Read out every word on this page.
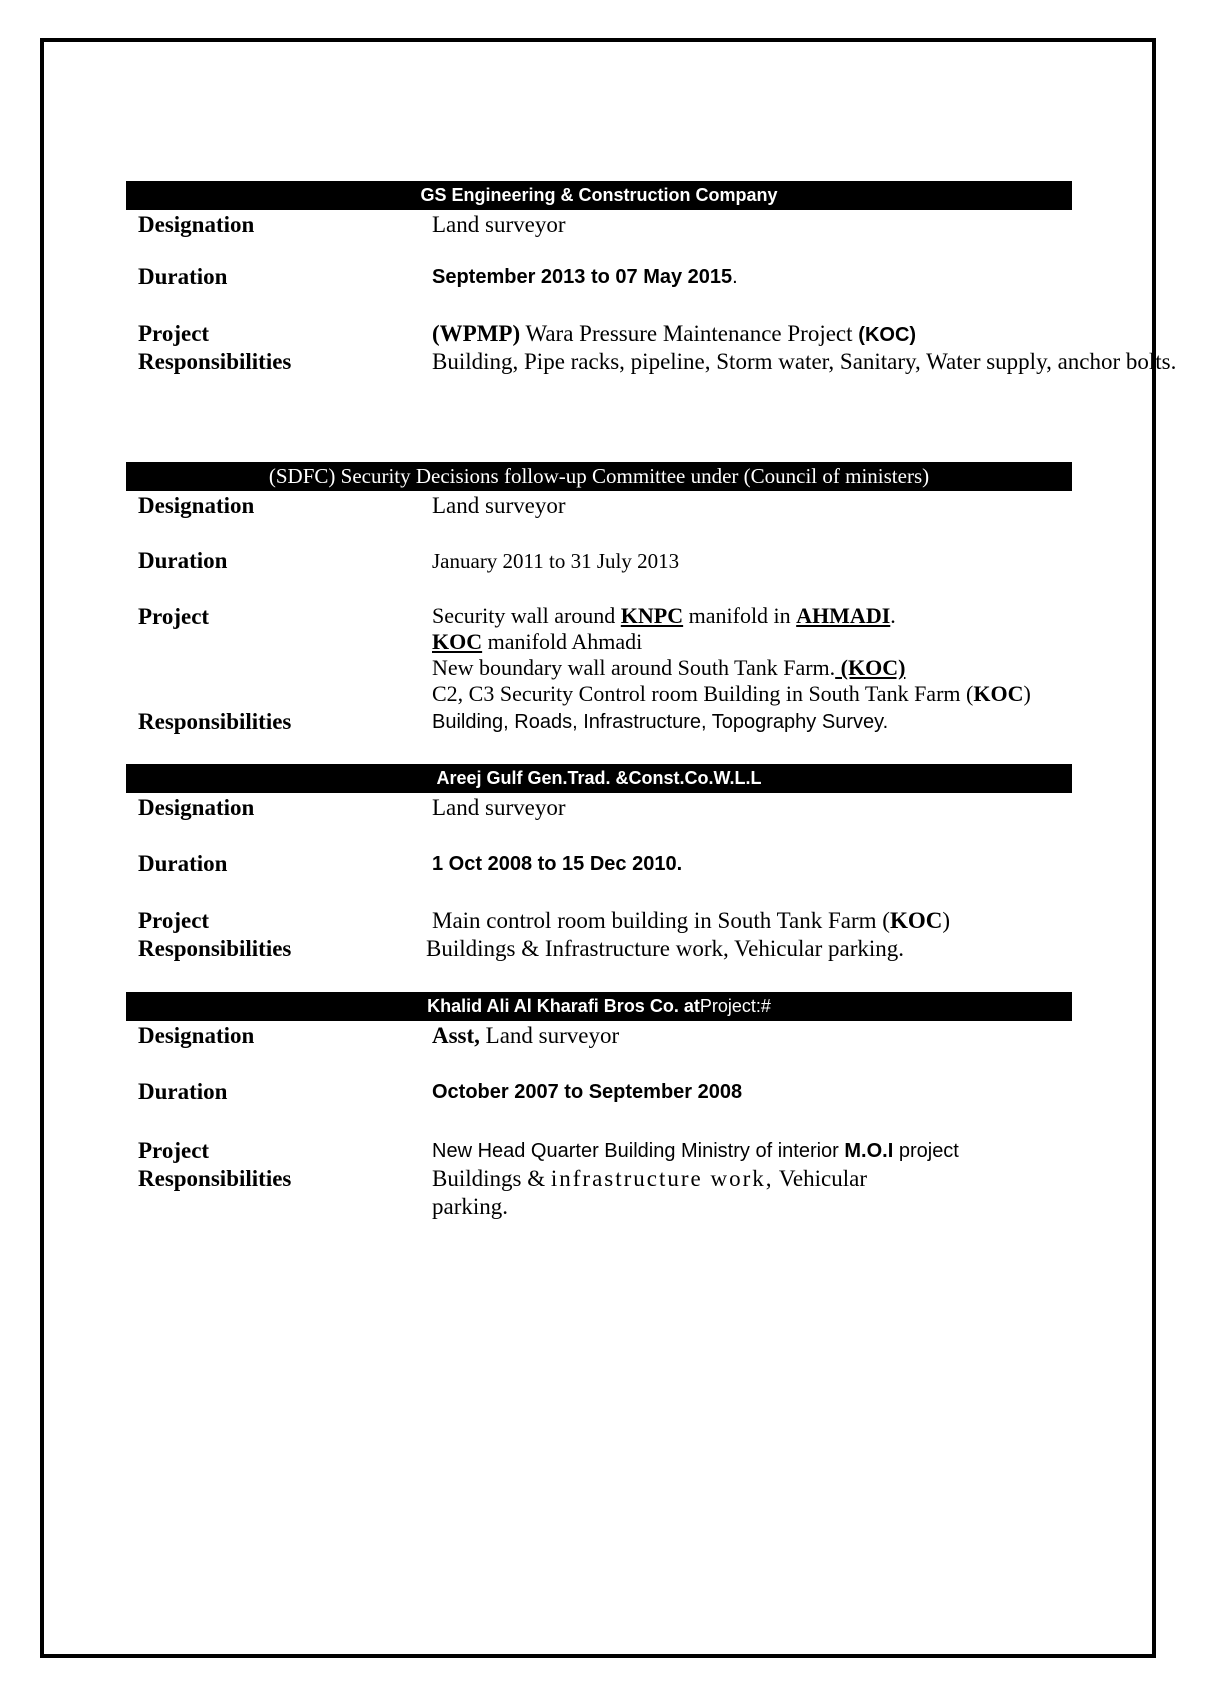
GS Engineering & Construction Company
Designation	Land surveyor
Duration	September 2013 to 07 May 2015.
Project	(WPMP) Wara Pressure Maintenance Project (KOC)
Responsibilities	Building, Pipe racks, pipeline, Storm water, Sanitary, Water supply, anchor bolts.
(SDFC) Security Decisions follow-up Committee under (Council of ministers)
Designation	Land surveyor
Duration	January 2011 to 31 July 2013
Project	Security wall around KNPC manifold in AHMADI.
KOC manifold Ahmadi
New boundary wall around South Tank Farm. (KOC)
C2, C3 Security Control room Building in South Tank Farm (KOC)
Responsibilities	Building, Roads, Infrastructure, Topography Survey.
Areej Gulf Gen.Trad. &Const.Co.W.L.L
Designation	Land surveyor
Duration	1 Oct 2008 to 15 Dec 2010.
Project	Main control room building in South Tank Farm (KOC)
Responsibilities	Buildings & Infrastructure work, Vehicular parking.
Khalid Ali Al Kharafi Bros Co. atProject:#
Designation	Asst, Land surveyor
Duration	October 2007 to September 2008
Project	New Head Quarter Building Ministry of interior M.O.I project
Responsibilities	Buildings & infrastructure work, Vehicular
parking.
